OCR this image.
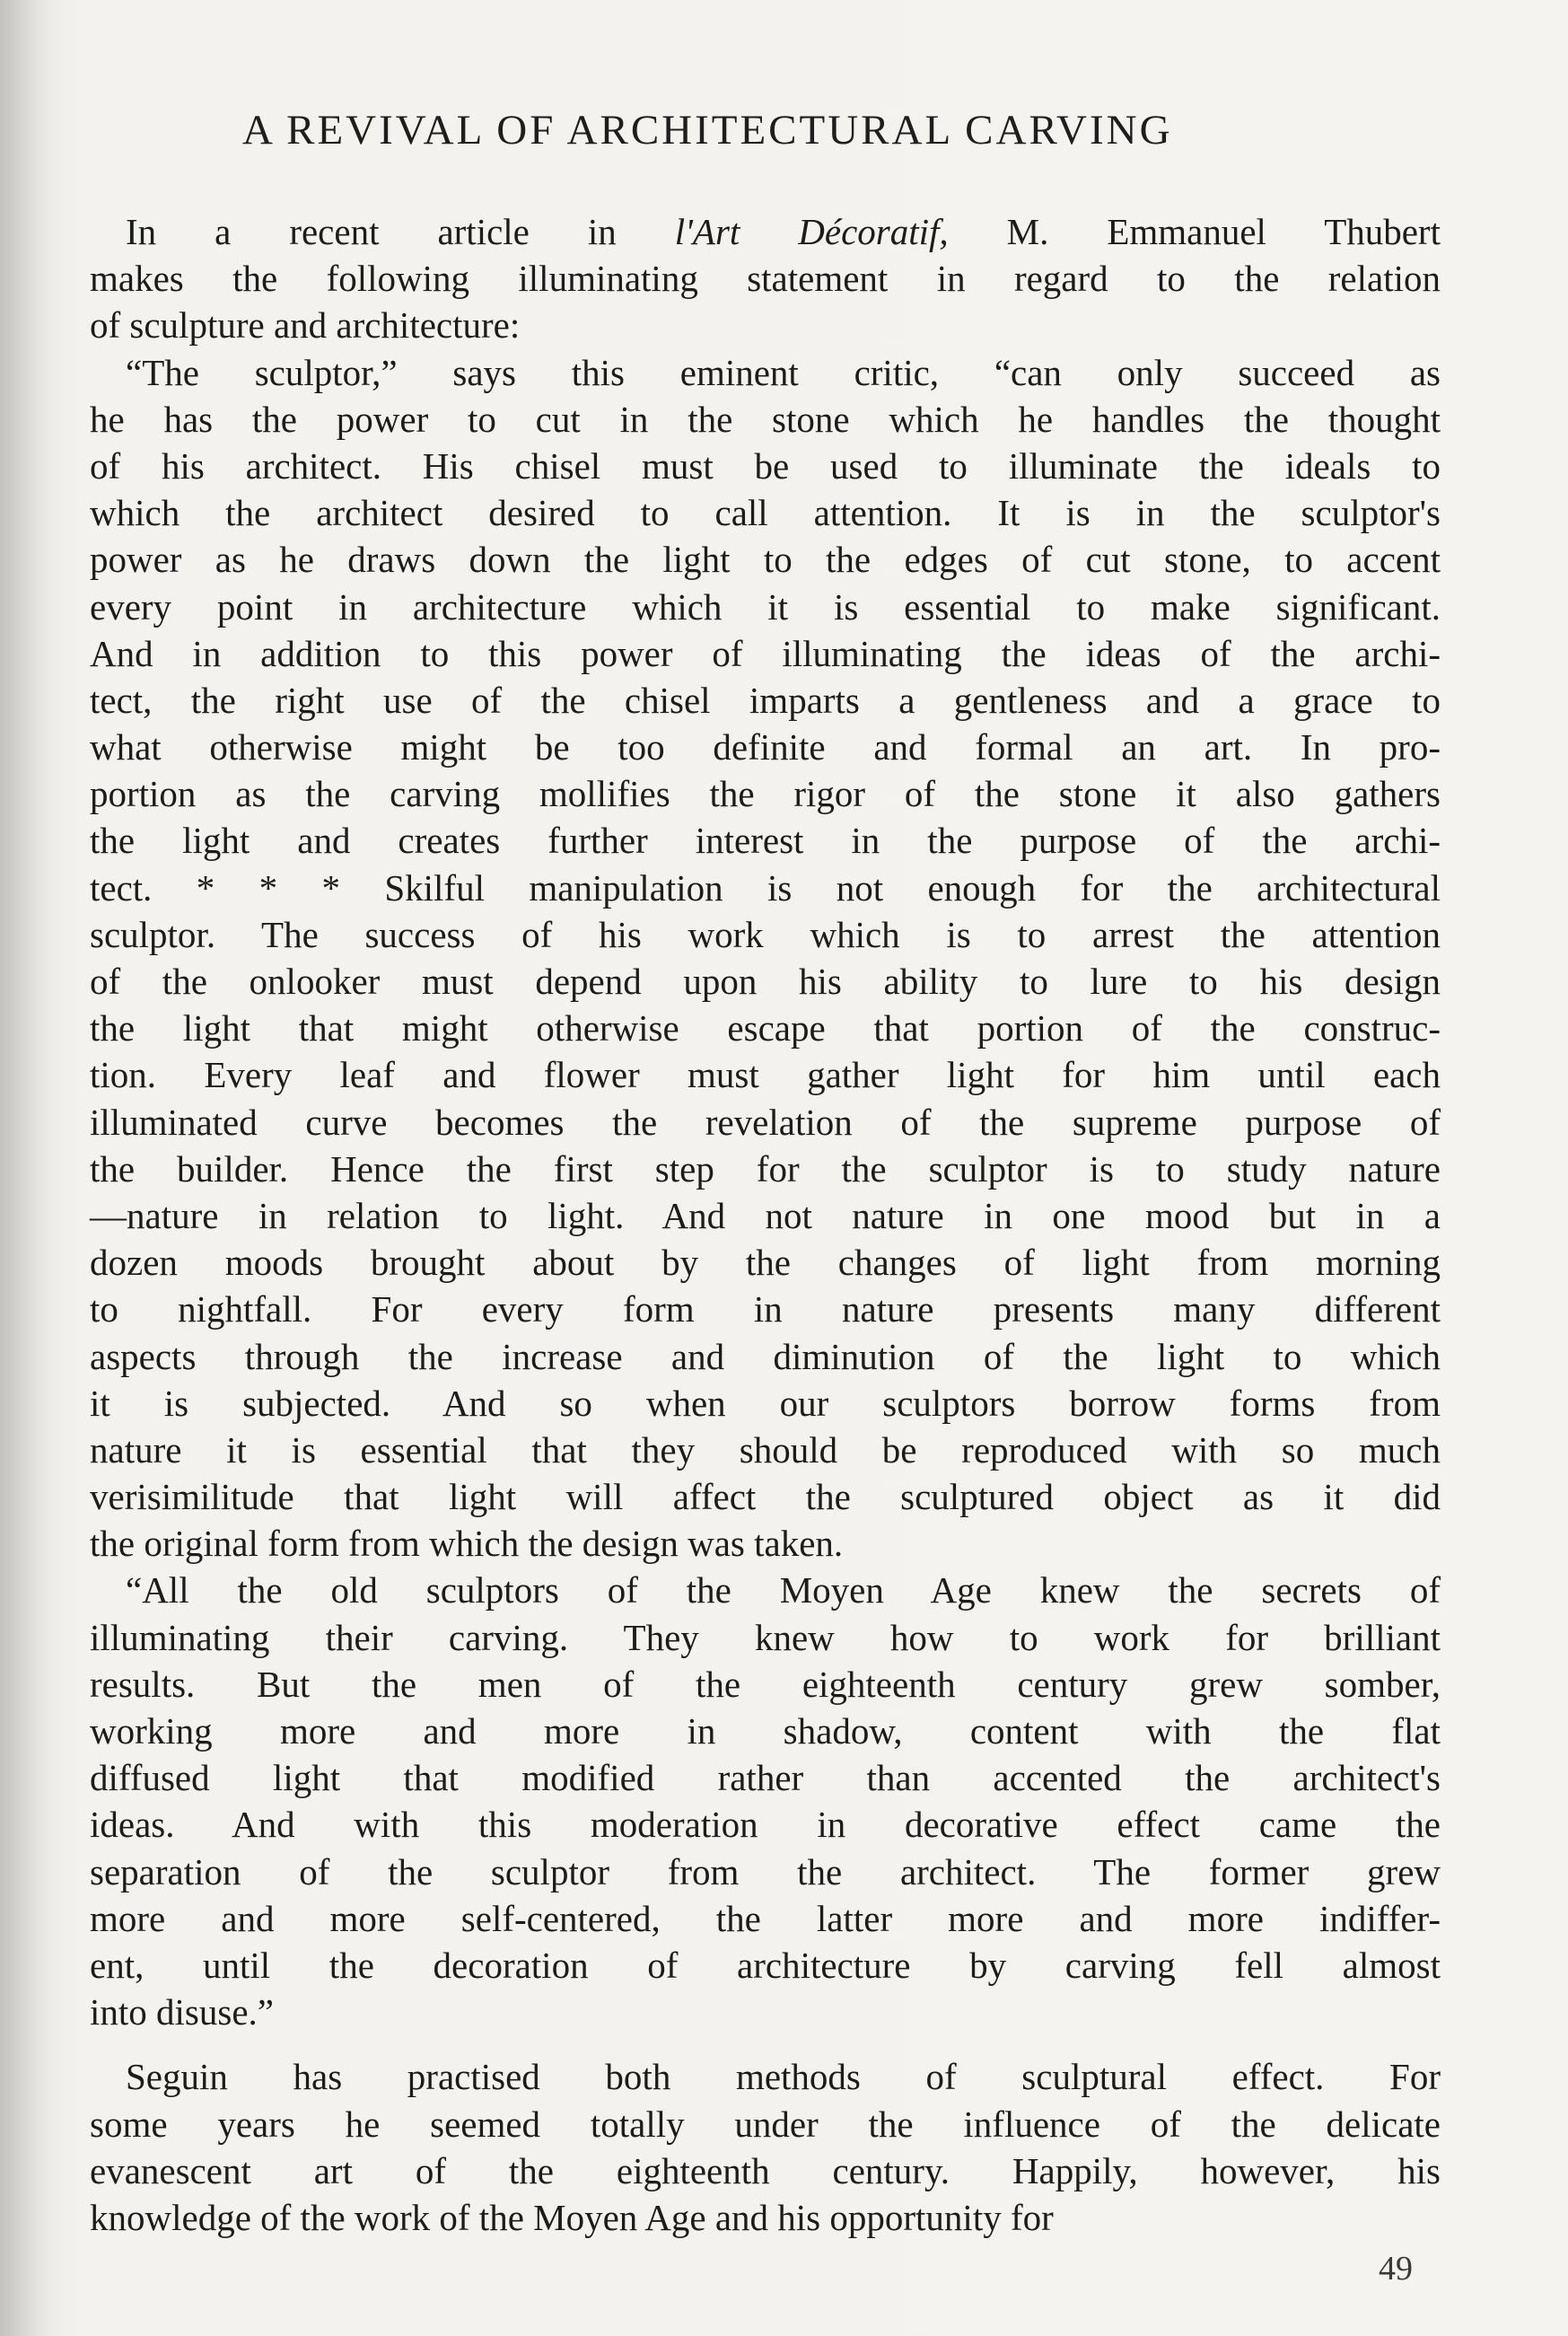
A REVIVAL OF ARCHITECTURAL CARVING
In a recent article in l'Art Décoratif, M. Emmanuel Thubert
makes the following illuminating statement in regard to the relation
of sculpture and architecture:
“The sculptor,” says this eminent critic, “can only succeed as
he has the power to cut in the stone which he handles the thought
of his architect. His chisel must be used to illuminate the ideals to
which the architect desired to call attention. It is in the sculptor's
power as he draws down the light to the edges of cut stone, to accent
every point in architecture which it is essential to make significant.
And in addition to this power of illuminating the ideas of the archi-
tect, the right use of the chisel imparts a gentleness and a grace to
what otherwise might be too definite and formal an art. In pro-
portion as the carving mollifies the rigor of the stone it also gathers
the light and creates further interest in the purpose of the archi-
tect. * * * Skilful manipulation is not enough for the architectural
sculptor. The success of his work which is to arrest the attention
of the onlooker must depend upon his ability to lure to his design
the light that might otherwise escape that portion of the construc-
tion. Every leaf and flower must gather light for him until each
illuminated curve becomes the revelation of the supreme purpose of
the builder. Hence the first step for the sculptor is to study nature
—nature in relation to light. And not nature in one mood but in a
dozen moods brought about by the changes of light from morning
to nightfall. For every form in nature presents many different
aspects through the increase and diminution of the light to which
it is subjected. And so when our sculptors borrow forms from
nature it is essential that they should be reproduced with so much
verisimilitude that light will affect the sculptured object as it did
the original form from which the design was taken.
“All the old sculptors of the Moyen Age knew the secrets of
illuminating their carving. They knew how to work for brilliant
results. But the men of the eighteenth century grew somber,
working more and more in shadow, content with the flat
diffused light that modified rather than accented the architect's
ideas. And with this moderation in decorative effect came the
separation of the sculptor from the architect. The former grew
more and more self-centered, the latter more and more indiffer-
ent, until the decoration of architecture by carving fell almost
into disuse.”
Seguin has practised both methods of sculptural effect. For
some years he seemed totally under the influence of the delicate
evanescent art of the eighteenth century. Happily, however, his
knowledge of the work of the Moyen Age and his opportunity for
49
